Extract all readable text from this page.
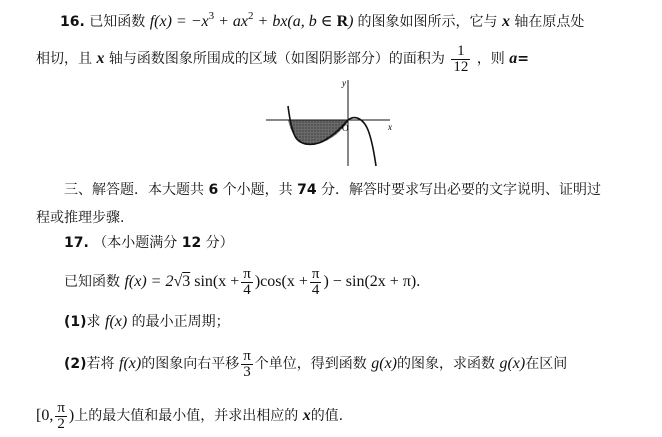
16. 已知函数 $f(x) = -x^3 + ax^2 + bx(a$, b ∈ R) 的图象如图所示，它与 x 轴在原点处
相切，且 x 轴与函数图象所围成的区域（如图阴影部分）的面积为 $\frac{1}{12}$ ，则 a=
y
x
O
三、解答题．本大题共 6 个小题，共 74 分．解答时要求写出必要的文字说明、证明过
程或推理步骤.
17. （本小题满分 12 分）
已知函数 f(x) = 2√3 $\sin(x + \frac{\pi}{4} )\cos(x + \frac{\pi}{4}$ ) − sin(2x + π).
(1)求 f(x) 的最小正周期；
(2)若将 f(x)的图象向右平移 $\frac{\pi}{3}$ 个单位，得到函数 g(x)的图象，求函数 g(x)在区间
[0, $\frac{\pi}{2}$ )上的最大值和最小值，并求出相应的 x的值.
